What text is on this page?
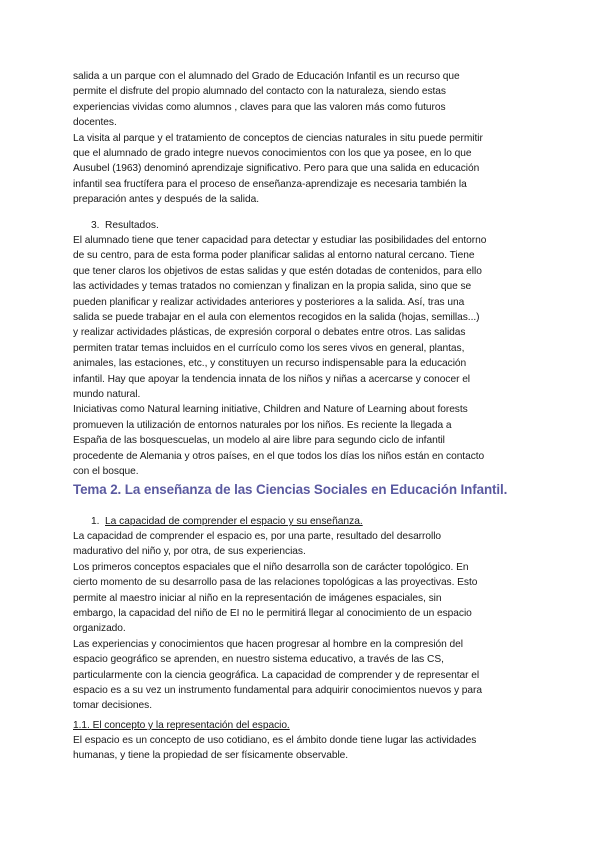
salida a un parque con el alumnado del Grado de Educación Infantil es un recurso que
permite el disfrute del propio alumnado del contacto con la naturaleza, siendo estas
experiencias vividas como alumnos , claves para que las valoren más como futuros
docentes.
La visita al parque y el tratamiento de conceptos de ciencias naturales in situ puede permitir
que el alumnado de grado integre nuevos conocimientos con los que ya posee, en lo que
Ausubel (1963) denominó aprendizaje significativo. Pero para que una salida en educación
infantil sea fructífera para el proceso de enseñanza-aprendizaje es necesaria también la
preparación antes y después de la salida.
3. Resultados.
El alumnado tiene que tener capacidad para detectar y estudiar las posibilidades del entorno
de su centro, para de esta forma poder planificar salidas al entorno natural cercano. Tiene
que tener claros los objetivos de estas salidas y que estén dotadas de contenidos, para ello
las actividades y temas tratados no comienzan y finalizan en la propia salida, sino que se
pueden planificar y realizar actividades anteriores y posteriores a la salida. Así, tras una
salida se puede trabajar en el aula con elementos recogidos en la salida (hojas, semillas...)
y realizar actividades plásticas, de expresión corporal o debates entre otros. Las salidas
permiten tratar temas incluidos en el currículo como los seres vivos en general, plantas,
animales, las estaciones, etc., y constituyen un recurso indispensable para la educación
infantil. Hay que apoyar la tendencia innata de los niños y niñas a acercarse y conocer el
mundo natural.
Iniciativas como Natural learning initiative, Children and Nature of Learning about forests
promueven la utilización de entornos naturales por los niños. Es reciente la llegada a
España de las bosquescuelas, un modelo al aire libre para segundo ciclo de infantil
procedente de Alemania y otros países, en el que todos los días los niños están en contacto
con el bosque.
Tema 2. La enseñanza de las Ciencias Sociales en Educación Infantil.
1. La capacidad de comprender el espacio y su enseñanza.
La capacidad de comprender el espacio es, por una parte, resultado del desarrollo
madurativo del niño y, por otra, de sus experiencias.
Los primeros conceptos espaciales que el niño desarrolla son de carácter topológico. En
cierto momento de su desarrollo pasa de las relaciones topológicas a las proyectivas. Esto
permite al maestro iniciar al niño en la representación de imágenes espaciales, sin
embargo, la capacidad del niño de EI no le permitirá llegar al conocimiento de un espacio
organizado.
Las experiencias y conocimientos que hacen progresar al hombre en la compresión del
espacio geográfico se aprenden, en nuestro sistema educativo, a través de las CS,
particularmente con la ciencia geográfica. La capacidad de comprender y de representar el
espacio es a su vez un instrumento fundamental para adquirir conocimientos nuevos y para
tomar decisiones.
1.1. El concepto y la representación del espacio.
El espacio es un concepto de uso cotidiano, es el ámbito donde tiene lugar las actividades
humanas, y tiene la propiedad de ser físicamente observable.
